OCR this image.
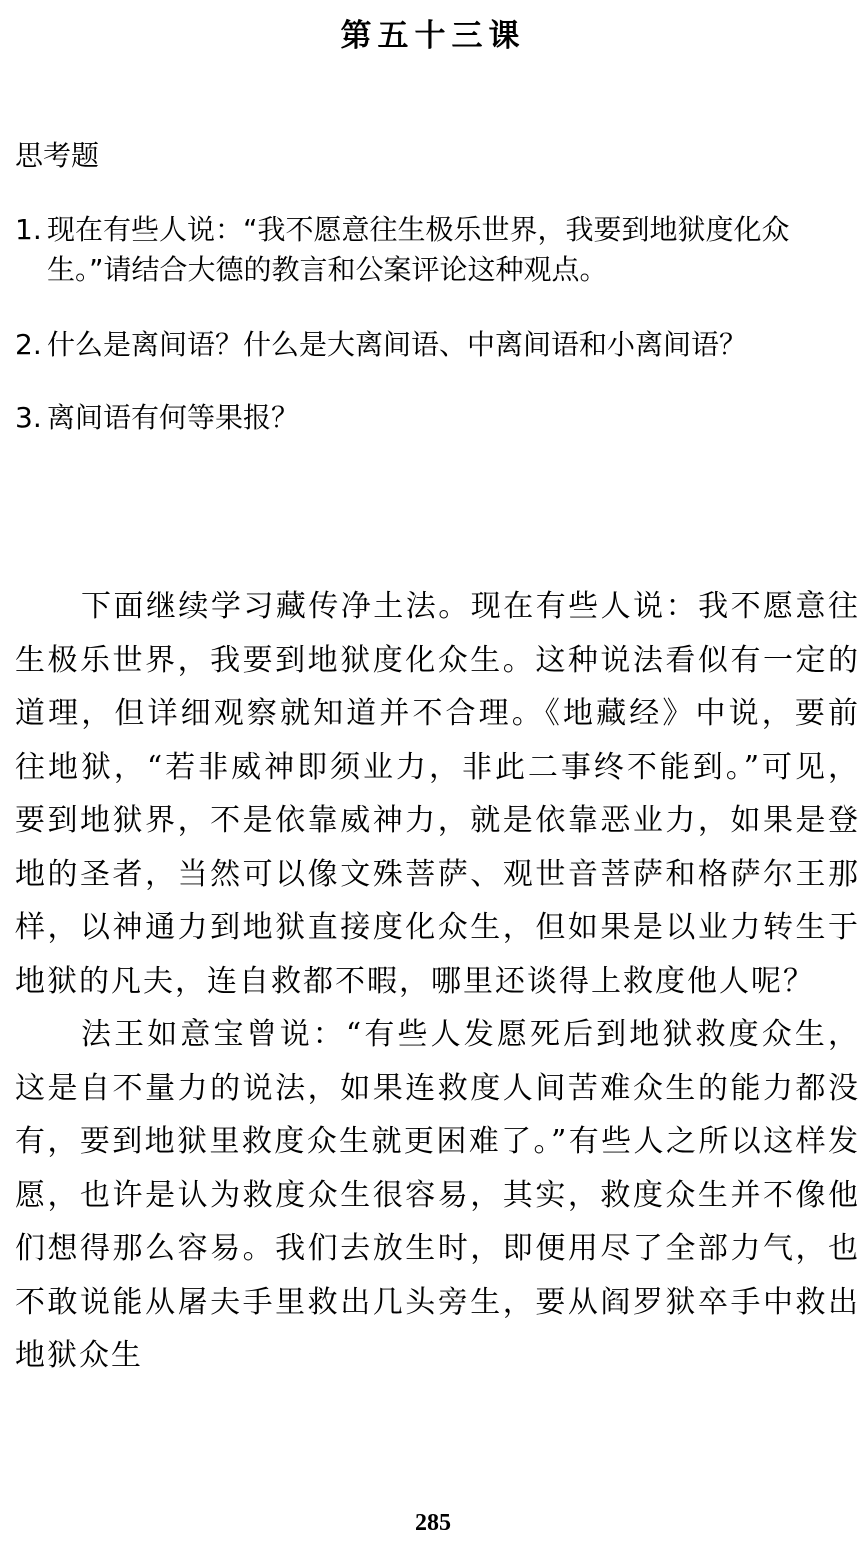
第五十三课
思考题
1. 现在有些人说：“我不愿意往生极乐世界，我要到地狱度化众生。”请结合大德的教言和公案评论这种观点。
2. 什么是离间语？什么是大离间语、中离间语和小离间语？
3. 离间语有何等果报？

下面继续学习藏传净土法。现在有些人说：我不愿意往生极乐世界，我要到地狱度化众生。这种说法看似有一定的道理，但详细观察就知道并不合理。《地藏经》中说，要前往地狱，“若非威神即须业力，非此二事终不能到。”可见，要到地狱界，不是依靠威神力，就是依靠恶业力，如果是登地的圣者，当然可以像文殊菩萨、观世音菩萨和格萨尔王那样，以神通力到地狱直接度化众生，但如果是以业力转生于地狱的凡夫，连自救都不暇，哪里还谈得上救度他人呢？

法王如意宝曾说：“有些人发愿死后到地狱救度众生，这是自不量力的说法，如果连救度人间苦难众生的能力都没有，要到地狱里救度众生就更困难了。”有些人之所以这样发愿，也许是认为救度众生很容易，其实，救度众生并不像他们想得那么容易。我们去放生时，即便用尽了全部力气，也不敢说能从屠夫手里救出几头旁生，要从阎罗狱卒手中救出地狱众生

285
